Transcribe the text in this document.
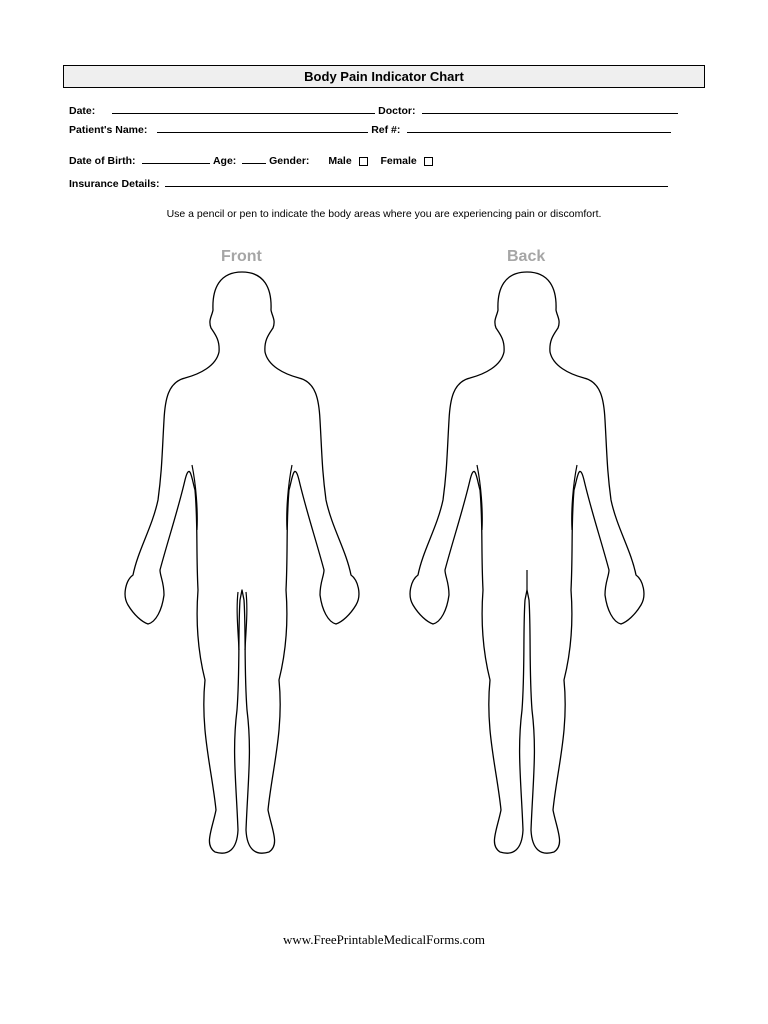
Body Pain Indicator Chart
Date:	Doctor:
Patient's Name:	Ref #:
Date of Birth:	Age:	Gender: Male	Female
Insurance Details:
Use a pencil or pen to indicate the body areas where you are experiencing pain or discomfort.
Front	Back
www.FreePrintableMedicalForms.com
